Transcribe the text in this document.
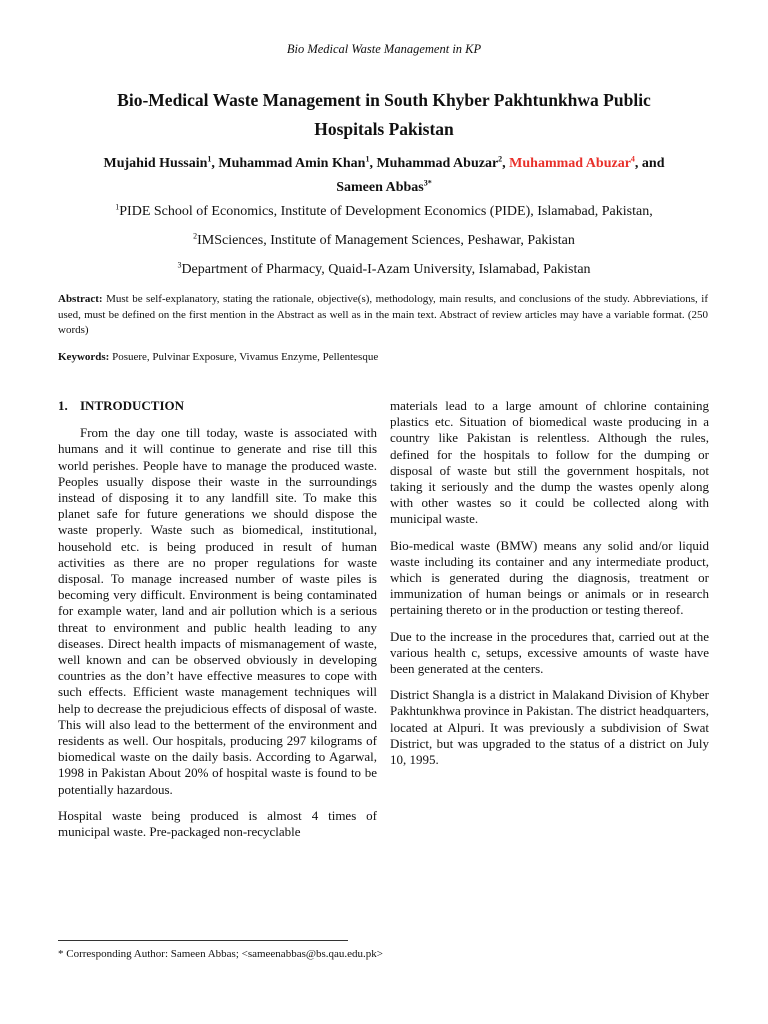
Bio Medical Waste Management in KP
Bio-Medical Waste Management in South Khyber Pakhtunkhwa Public
Hospitals Pakistan
Mujahid Hussain$^1$, Muhammad Amin Khan$^1$, Muhammad Abuzar$^2$, Muhammad Abuzar$^4$, and
Sameen Abbas$^{3*}$
$^1$PIDE School of Economics, Institute of Development Economics (PIDE), Islamabad, Pakistan,
$^2$IMSciences, Institute of Management Sciences, Peshawar, Pakistan
$^3$Department of Pharmacy, Quaid-I-Azam University, Islamabad, Pakistan
Abstract: Must be self-explanatory, stating the rationale, objective(s), methodology, main results, and conclusions of the study. Abbreviations, if used, must be defined on the first mention in the Abstract as well as in the main text. Abstract of review articles may have a variable format. (250 words)
Keywords: Posuere, Pulvinar Exposure, Vivamus Enzyme, Pellentesque
1. INTRODUCTION

From the day one till today, waste is associated with humans and it will continue to generate and rise till this world perishes. People have to manage the produced waste. Peoples usually dispose their waste in the surroundings instead of disposing it to any landfill site. To make this planet safe for future generations we should dispose the waste properly. Waste such as biomedical, institutional, household etc. is being produced in result of human activities as there are no proper regulations for waste disposal. To manage increased number of waste piles is becoming very difficult. Environment is being contaminated for example water, land and air pollution which is a serious threat to environment and public health leading to any diseases. Direct health impacts of mismanagement of waste, well known and can be observed obviously in developing countries as the don’t have effective measures to cope with such effects. Efficient waste management techniques will help to decrease the prejudicious effects of disposal of waste. This will also lead to the betterment of the environment and residents as well. Our hospitals, producing 297 kilograms of biomedical waste on the daily basis. According to Agarwal, 1998 in Pakistan About 20% of hospital waste is found to be potentially hazardous.

Hospital waste being produced is almost 4 times of municipal waste. Pre-packaged non-recyclable

materials lead to a large amount of chlorine containing plastics etc. Situation of biomedical waste producing in a country like Pakistan is relentless. Although the rules, defined for the hospitals to follow for the dumping or disposal of waste but still the government hospitals, not taking it seriously and the dump the wastes openly along with other wastes so it could be collected along with municipal waste.

Bio-medical waste (BMW) means any solid and/or liquid waste including its container and any intermediate product, which is generated during the diagnosis, treatment or immunization of human beings or animals or in research pertaining thereto or in the production or testing thereof.

Due to the increase in the procedures that, carried out at the various health c, setups, excessive amounts of waste have been generated at the centers.

District Shangla is a district in Malakand Division of Khyber Pakhtunkhwa province in Pakistan. The district headquarters, located at Alpuri. It was previously a subdivision of Swat District, but was upgraded to the status of a district on July 10, 1995.

* Corresponding Author: Sameen Abbas; <sameenabbas@bs.qau.edu.pk>
